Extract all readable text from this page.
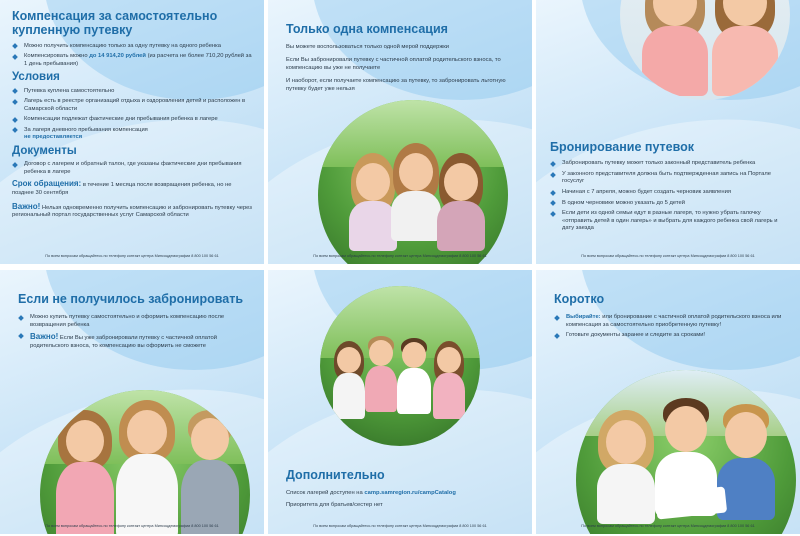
Компенсация за самостоятельно купленную путевку
Можно получить компенсацию только за одну путевку на одного ребенка
Компенсировать можно до 14 914,20 рублей (из расчета не более 710,20 рублей за 1 день пребывания)
Условия
Путевка куплена самостоятельно
Лагерь есть в реестре организаций отдыха и оздоровления детей и расположен в Самарской области
Компенсации подлежат фактические дни пребывания ребенка в лагере
За лагеря дневного пребывания компенсация
не предоставляется
Документы
Договор с лагерем и обратный талон, где указаны фактические дни пребывания ребенка в лагере

Срок обращения: в течение 1 месяца после возвращения ребенка, но не позднее 30 сентября

Важно! Нельзя одновременно получить компенсацию и забронировать путевку через региональный портал государственных услуг Самарской области

По всем вопросам обращайтесь по телефону контакт центра Минсоцдемографии 8 800 100 56 61
Только одна компенсация

Вы можете воспользоваться только одной мерой поддержки

Если Вы забронировали путевку с частичной оплатой родительского взноса, то компенсацию вы уже не получаете

И наоборот, если получаете компенсацию за путевку, то забронировать льготную путевку будет уже нельзя

По всем вопросам обращайтесь по телефону контакт центра Минсоцдемографии 8 800 100 56 61
Бронирование путевок
Забронировать путевку может только законный представитель ребенка
У законного представителя должна быть подтвержденная запись на Портале госуслуг
Начиная с 7 апреля, можно будет создать черновик заявления
В одном черновике можно указать до 5 детей
Если дети из одной семьи едут в разные лагеря, то нужно убрать галочку «отправить детей в один лагерь» и выбрать для каждого ребенка свой лагерь и дату заезда
По всем вопросам обращайтесь по телефону контакт центра Минсоцдемографии 8 800 100 56 61
Если не получилось забронировать
Можно купить путевку самостоятельно и оформить компенсацию после возвращения ребенка
Важно! Если Вы уже забронировали путевку с частичной оплатой родительского взноса, то компенсацию вы оформить не сможете
По всем вопросам обращайтесь по телефону контакт центра Минсоцдемографии 8 800 100 56 61
Дополнительно

Список лагерей доступен на camp.samregion.ru/campCatalog

Приоритета для братьев/сестер нет

По всем вопросам обращайтесь по телефону контакт центра Минсоцдемографии 8 800 100 56 61
Коротко
Выбирайте: или бронирование с частичной оплатой родительского взноса или компенсация за самостоятельно приобретенную путевку!
Готовьте документы заранее и следите за сроками!
По всем вопросам обращайтесь по телефону контакт центра Минсоцдемографии 8 800 100 56 61
